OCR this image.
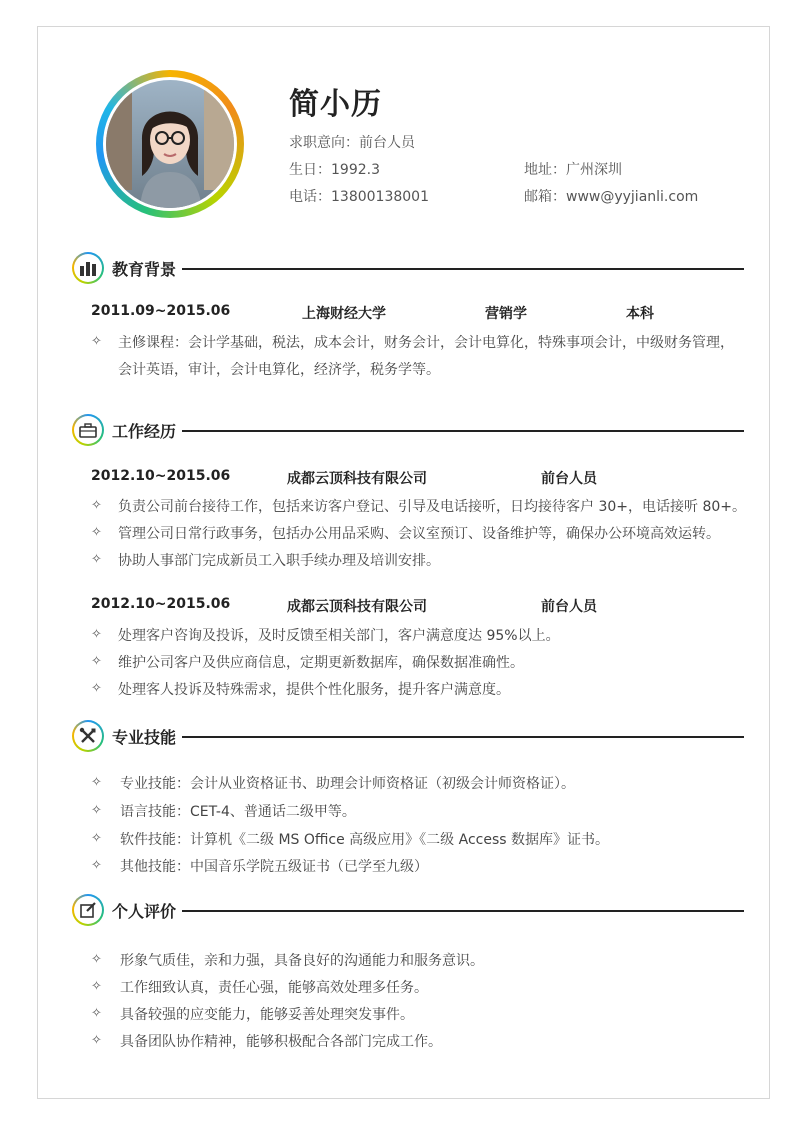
简小历
求职意向：前台人员
生日：1992.3	地址：广州深圳
电话：13800138001	邮箱：www@yyjianli.com
教育背景
2011.09~2015.06	上海财经大学	营销学	本科
✧ 主修课程：会计学基础，税法，成本会计，财务会计，会计电算化，特殊事项会计，中级财务管理，
会计英语，审计，会计电算化，经济学，税务学等。
工作经历
2012.10~2015.06	成都云顶科技有限公司	前台人员
✧ 负责公司前台接待工作，包括来访客户登记、引导及电话接听，日均接待客户 30+，电话接听 80+。
✧ 管理公司日常行政事务，包括办公用品采购、会议室预订、设备维护等，确保办公环境高效运转。
✧ 协助人事部门完成新员工入职手续办理及培训安排。
2012.10~2015.06	成都云顶科技有限公司	前台人员
✧ 处理客户咨询及投诉，及时反馈至相关部门，客户满意度达 95%以上。
✧ 维护公司客户及供应商信息，定期更新数据库，确保数据准确性。
✧ 处理客人投诉及特殊需求，提供个性化服务，提升客户满意度。
专业技能
✧ 专业技能：会计从业资格证书、助理会计师资格证（初级会计师资格证）。
✧ 语言技能：CET-4、普通话二级甲等。
✧ 软件技能：计算机《二级 MS Office 高级应用》《二级 Access 数据库》证书。
✧ 其他技能：中国音乐学院五级证书（已学至九级）
个人评价
✧ 形象气质佳，亲和力强，具备良好的沟通能力和服务意识。
✧ 工作细致认真，责任心强，能够高效处理多任务。
✧ 具备较强的应变能力，能够妥善处理突发事件。
✧ 具备团队协作精神，能够积极配合各部门完成工作。
